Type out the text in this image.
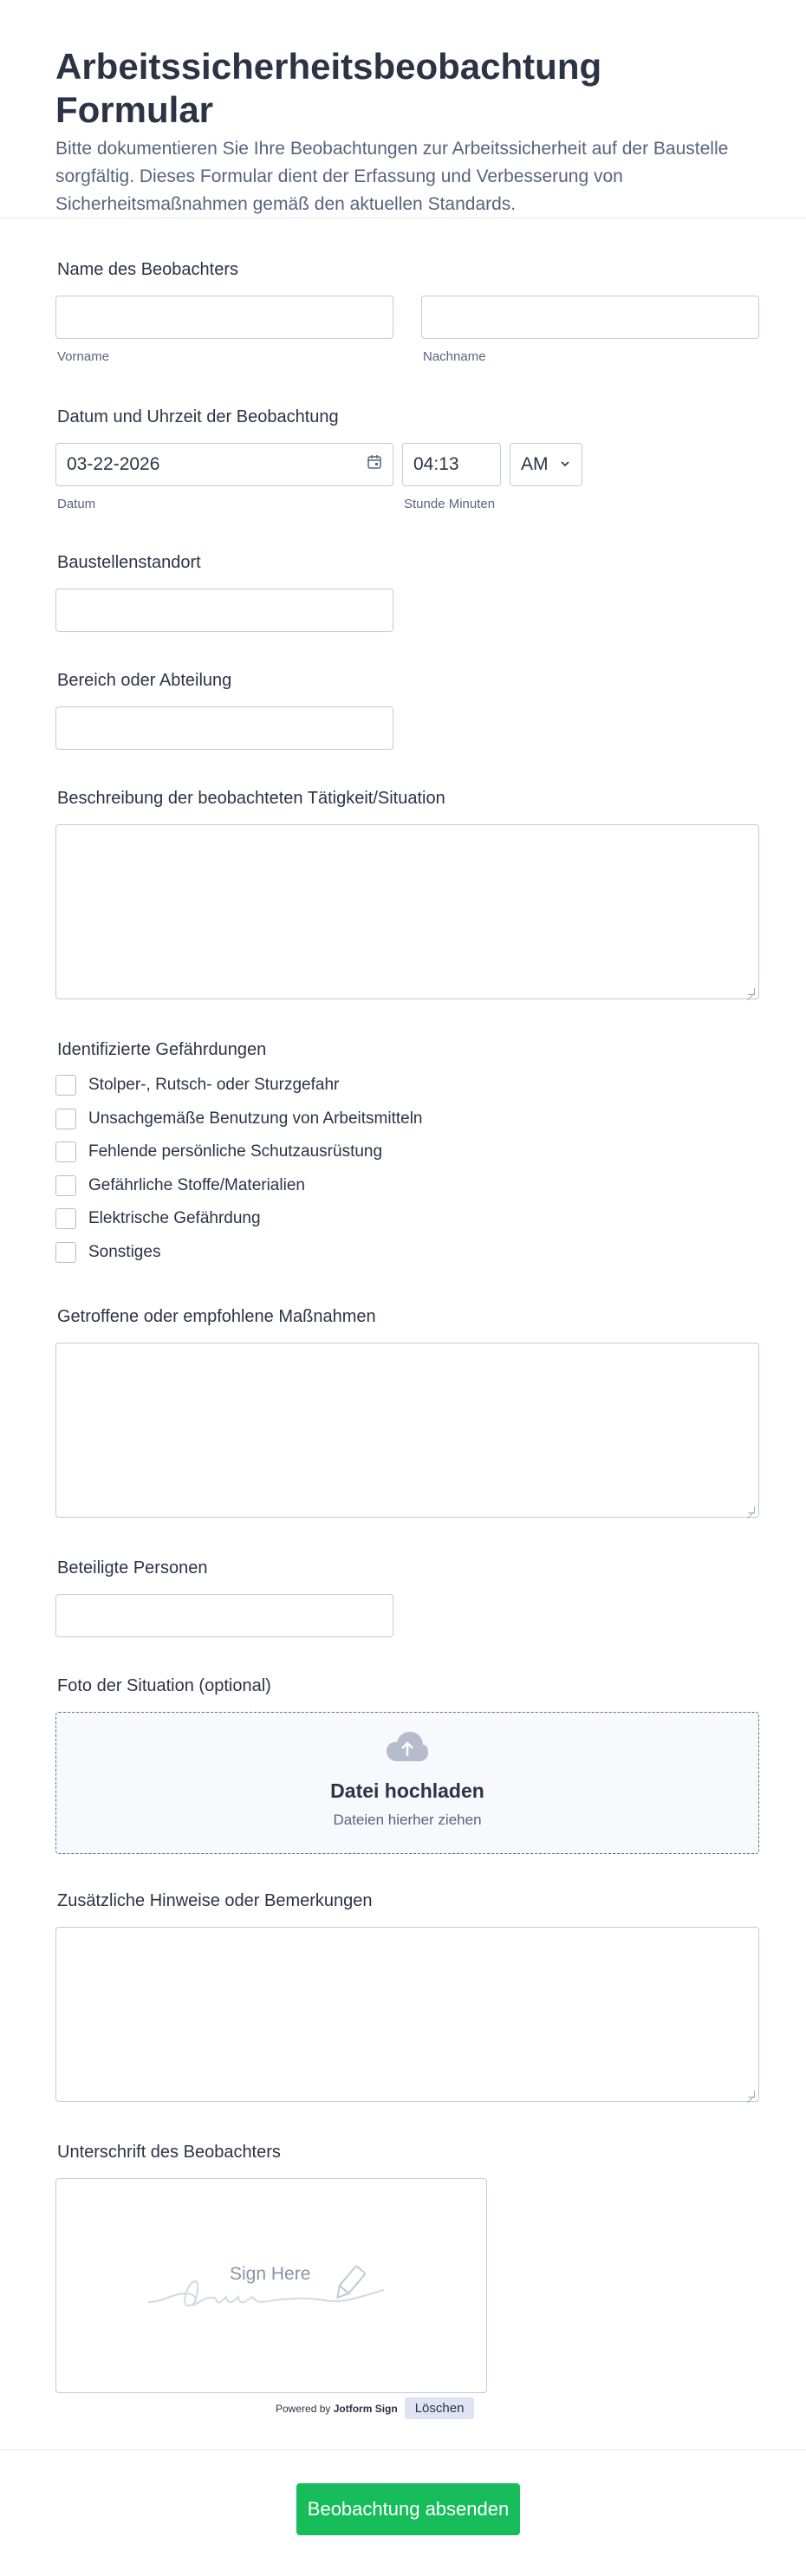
Arbeitssicherheitsbeobachtung Formular

Bitte dokumentieren Sie Ihre Beobachtungen zur Arbeitssicherheit auf der Baustelle sorgfältig. Dieses Formular dient der Erfassung und Verbesserung von Sicherheitsmaßnahmen gemäß den aktuellen Standards.

Name des Beobachters
Vorname	Nachname
Datum und Uhrzeit der Beobachtung
03-22-2026
Datum
04:13	AM
Stunde Minuten
Baustellenstandort
Bereich oder Abteilung
Beschreibung der beobachteten Tätigkeit/Situation
Identifizierte Gefährdungen
Stolper-, Rutsch- oder Sturzgefahr
Unsachgemäße Benutzung von Arbeitsmitteln
Fehlende persönliche Schutzausrüstung
Gefährliche Stoffe/Materialien
Elektrische Gefährdung
Sonstiges
Getroffene oder empfohlene Maßnahmen
Beteiligte Personen
Foto der Situation (optional)
Datei hochladen
Dateien hierher ziehen
Zusätzliche Hinweise oder Bemerkungen
Unterschrift des Beobachters
Sign Here
Powered by Jotform Sign	Löschen
Beobachtung absenden
